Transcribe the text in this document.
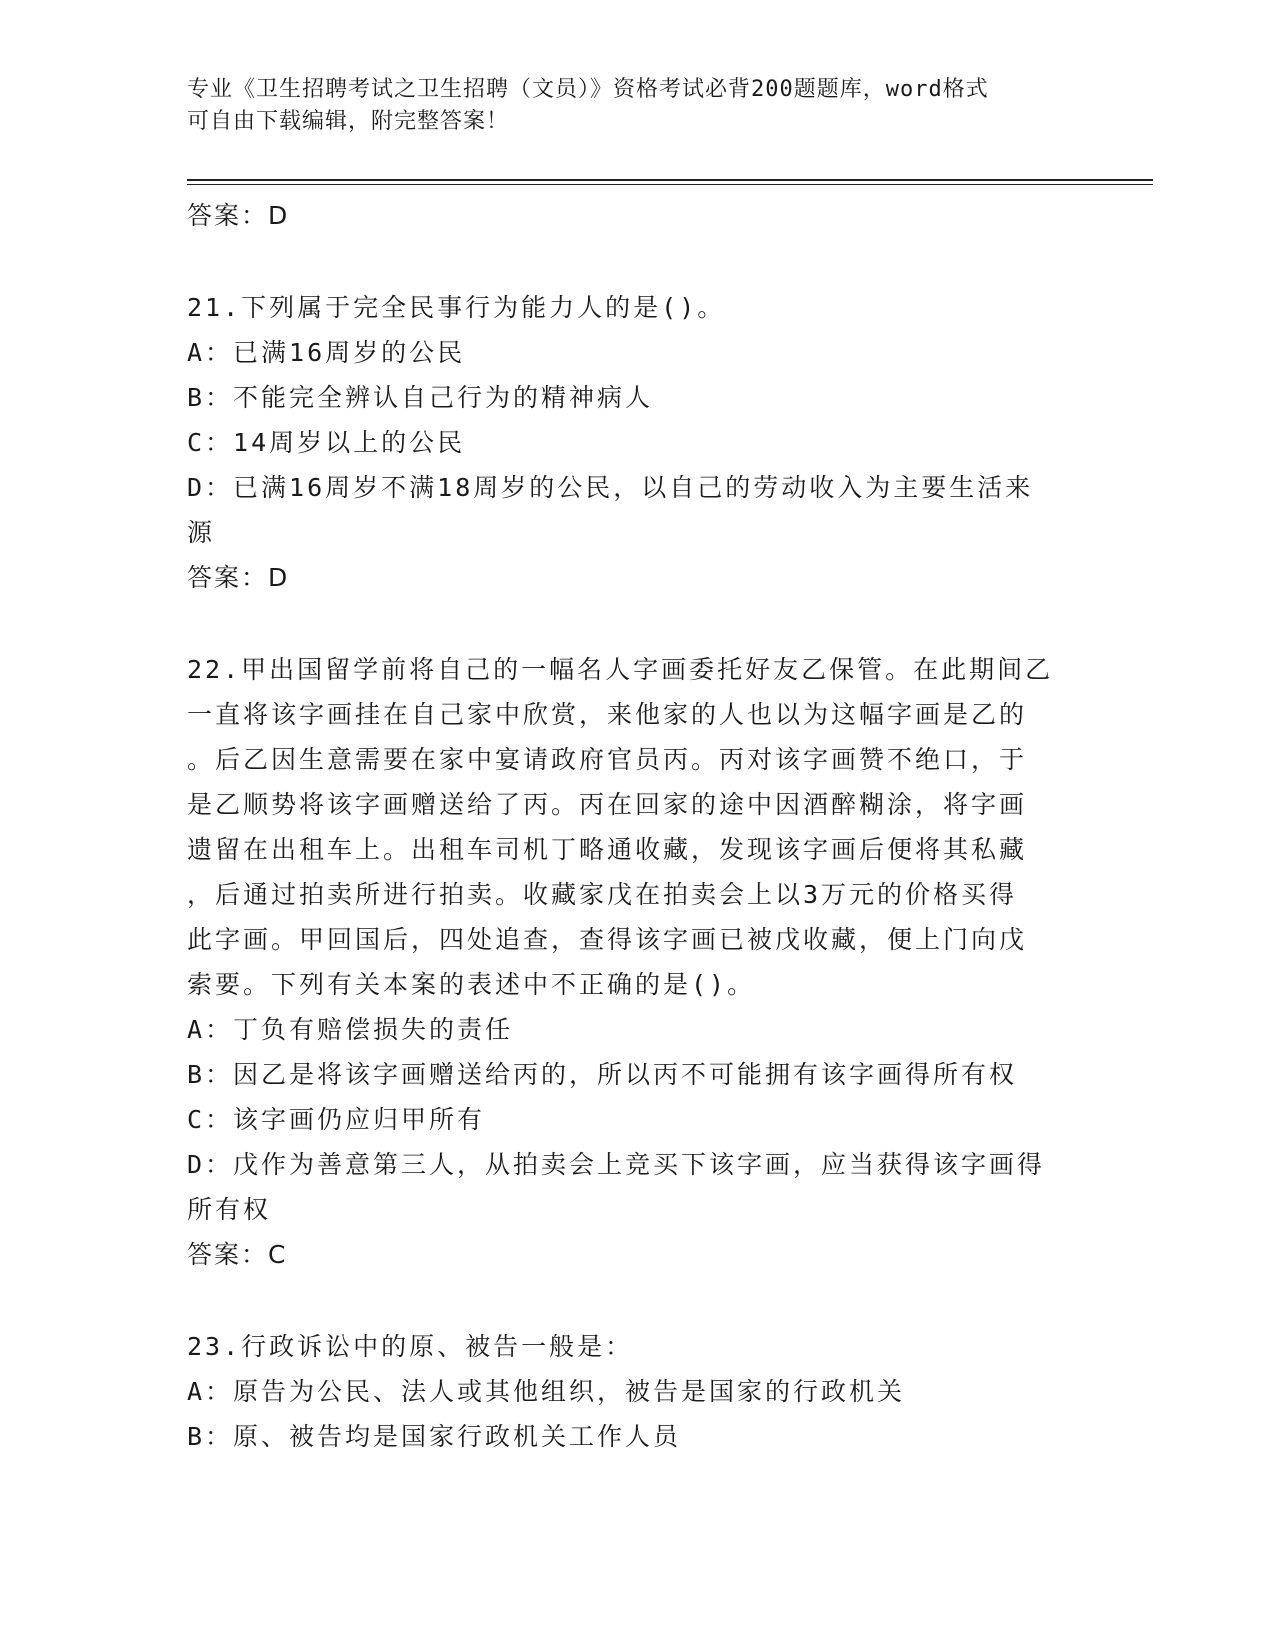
专业《卫生招聘考试之卫生招聘（文员）》资格考试必背200题题库，word格式
可自由下载编辑，附完整答案！
答案：D
21.下列属于完全民事行为能力人的是()。
A：已满16周岁的公民
B：不能完全辨认自己行为的精神病人
C：14周岁以上的公民
D：已满16周岁不满18周岁的公民，以自己的劳动收入为主要生活来
源
答案：D
22.甲出国留学前将自己的一幅名人字画委托好友乙保管。在此期间乙
一直将该字画挂在自己家中欣赏，来他家的人也以为这幅字画是乙的
。后乙因生意需要在家中宴请政府官员丙。丙对该字画赞不绝口，于
是乙顺势将该字画赠送给了丙。丙在回家的途中因酒醉糊涂，将字画
遗留在出租车上。出租车司机丁略通收藏，发现该字画后便将其私藏
，后通过拍卖所进行拍卖。收藏家戊在拍卖会上以3万元的价格买得
此字画。甲回国后，四处追查，查得该字画已被戊收藏，便上门向戊
索要。下列有关本案的表述中不正确的是()。
A：丁负有赔偿损失的责任
B：因乙是将该字画赠送给丙的，所以丙不可能拥有该字画得所有权
C：该字画仍应归甲所有
D：戊作为善意第三人，从拍卖会上竞买下该字画，应当获得该字画得
所有权
答案：C
23.行政诉讼中的原、被告一般是：
A：原告为公民、法人或其他组织，被告是国家的行政机关
B：原、被告均是国家行政机关工作人员
